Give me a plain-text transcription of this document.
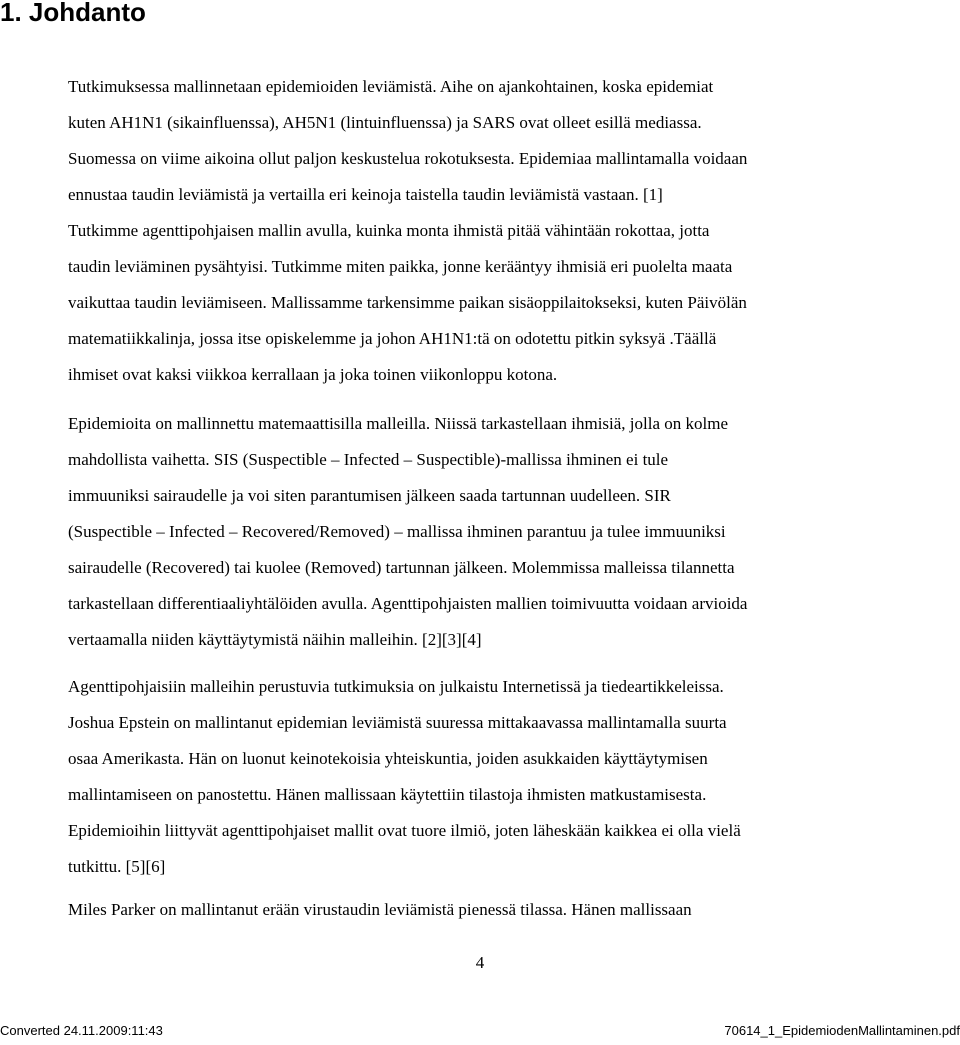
1. Johdanto
Tutkimuksessa mallinnetaan epidemioiden leviämistä. Aihe on ajankohtainen, koska epidemiat
kuten AH1N1 (sikainfluenssa), AH5N1 (lintuinfluenssa) ja SARS ovat olleet esillä mediassa.
Suomessa on viime aikoina ollut paljon keskustelua rokotuksesta. Epidemiaa mallintamalla voidaan
ennustaa taudin leviämistä ja vertailla eri keinoja taistella taudin leviämistä vastaan. [1]
Tutkimme agenttipohjaisen mallin avulla, kuinka monta ihmistä pitää vähintään rokottaa, jotta
taudin leviäminen pysähtyisi. Tutkimme miten paikka, jonne kerääntyy ihmisiä eri puolelta maata
vaikuttaa taudin leviämiseen. Mallissamme tarkensimme paikan sisäoppilaitokseksi, kuten Päivölän
matematiikkalinja, jossa itse opiskelemme ja johon AH1N1:tä on odotettu pitkin syksyä .Täällä
ihmiset ovat kaksi viikkoa kerrallaan ja joka toinen viikonloppu kotona.
Epidemioita on mallinnettu matemaattisilla malleilla. Niissä tarkastellaan ihmisiä, jolla on kolme
mahdollista vaihetta. SIS (Suspectible – Infected – Suspectible)-mallissa ihminen ei tule
immuuniksi sairaudelle ja voi siten parantumisen jälkeen saada tartunnan uudelleen. SIR
(Suspectible – Infected – Recovered/Removed) – mallissa ihminen parantuu ja tulee immuuniksi
sairaudelle (Recovered) tai kuolee (Removed) tartunnan jälkeen. Molemmissa malleissa tilannetta
tarkastellaan differentiaaliyhtälöiden avulla. Agenttipohjaisten mallien toimivuutta voidaan arvioida
vertaamalla niiden käyttäytymistä näihin malleihin. [2][3][4]
Agenttipohjaisiin malleihin perustuvia tutkimuksia on julkaistu Internetissä ja tiedeartikkeleissa.
Joshua Epstein on mallintanut epidemian leviämistä suuressa mittakaavassa mallintamalla suurta
osaa Amerikasta. Hän on luonut keinotekoisia yhteiskuntia, joiden asukkaiden käyttäytymisen
mallintamiseen on panostettu. Hänen mallissaan käytettiin tilastoja ihmisten matkustamisesta.
Epidemioihin liittyvät agenttipohjaiset mallit ovat tuore ilmiö, joten läheskään kaikkea ei olla vielä
tutkittu. [5][6]
Miles Parker on mallintanut erään virustaudin leviämistä pienessä tilassa. Hänen mallissaan
4
Converted 24.11.2009:11:43	70614_1_EpidemiodenMallintaminen.pdf
